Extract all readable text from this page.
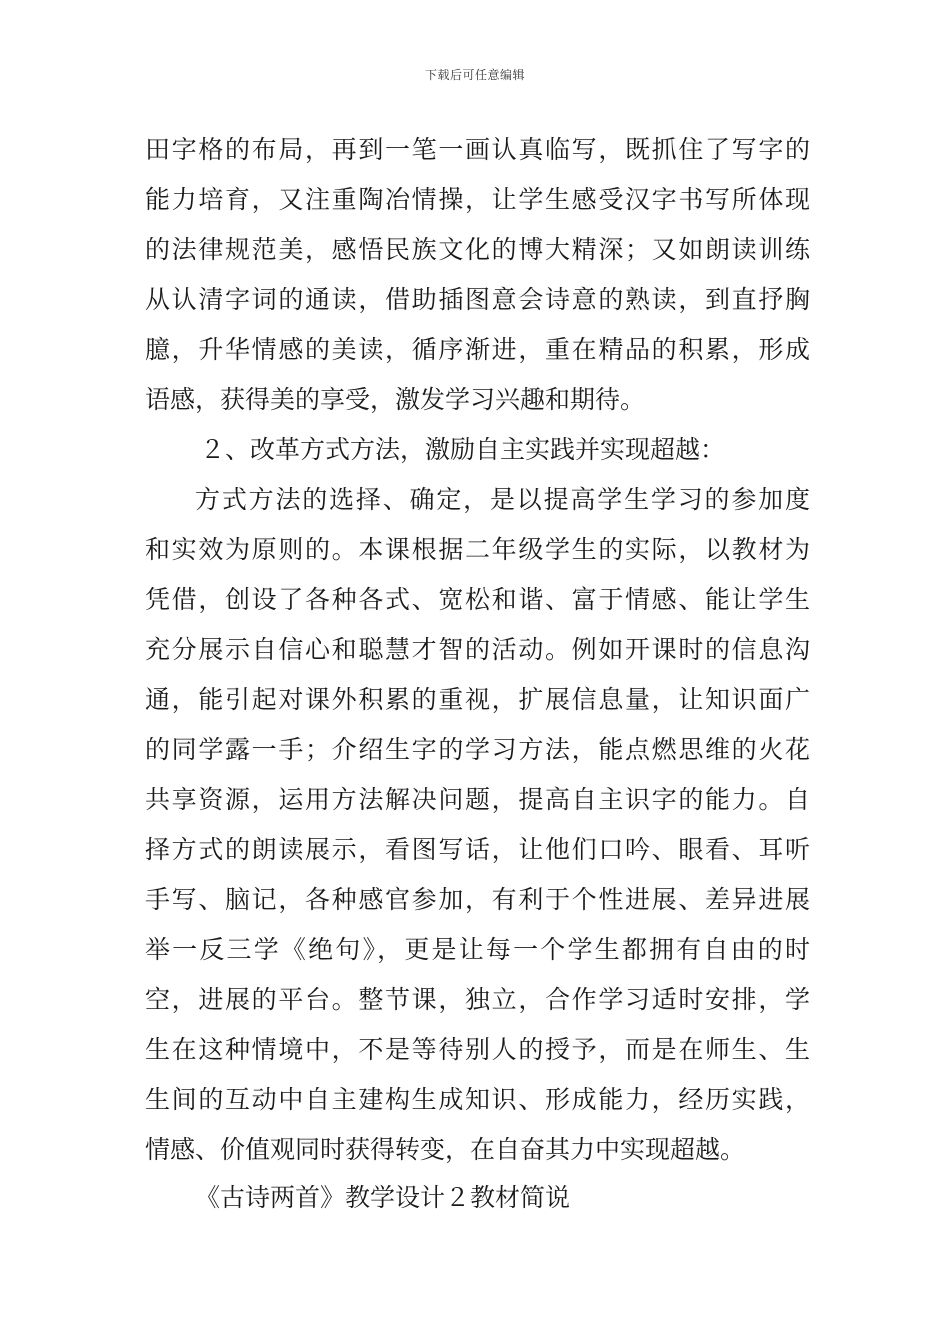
下载后可任意编辑
田字格的布局，再到一笔一画认真临写，既抓住了写字的
能力培育，又注重陶冶情操，让学生感受汉字书写所体现
的法律规范美，感悟民族文化的博大精深；又如朗读训练
从认清字词的通读，借助插图意会诗意的熟读，到直抒胸
臆，升华情感的美读，循序渐进，重在精品的积累，形成
语感，获得美的享受，激发学习兴趣和期待。
２、改革方式方法，激励自主实践并实现超越：
方式方法的选择、确定，是以提高学生学习的参加度
和实效为原则的。本课根据二年级学生的实际，以教材为
凭借，创设了各种各式、宽松和谐、富于情感、能让学生
充分展示自信心和聪慧才智的活动。例如开课时的信息沟
通，能引起对课外积累的重视，扩展信息量，让知识面广
的同学露一手；介绍生字的学习方法，能点燃思维的火花
共享资源，运用方法解决问题，提高自主识字的能力。自
择方式的朗读展示，看图写话，让他们口吟、眼看、耳听
手写、脑记，各种感官参加，有利于个性进展、差异进展
举一反三学《绝句》，更是让每一个学生都拥有自由的时
空，进展的平台。整节课，独立，合作学习适时安排，学
生在这种情境中，不是等待别人的授予，而是在师生、生
生间的互动中自主建构生成知识、形成能力，经历实践，
情感、价值观同时获得转变，在自奋其力中实现超越。
《古诗两首》教学设计２教材简说
